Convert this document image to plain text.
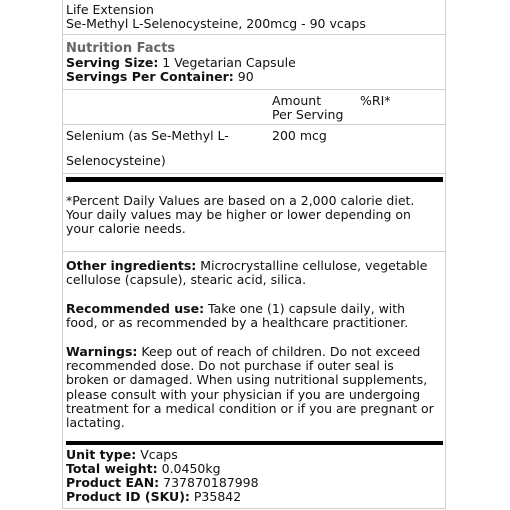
Life Extension
Se-Methyl L-Selenocysteine, 200mcg - 90 vcaps
Nutrition Facts
Serving Size: 1 Vegetarian Capsule
Servings Per Container: 90
Amount
Per Serving
%RI*
Selenium (as Se-Methyl L-
Selenocysteine)
200 mcg
*Percent Daily Values are based on a 2,000 calorie diet. Your daily values may be higher or lower depending on your calorie needs.
Other ingredients: Microcrystalline cellulose, vegetable cellulose (capsule), stearic acid, silica.
Recommended use: Take one (1) capsule daily, with food, or as recommended by a healthcare practitioner.
Warnings: Keep out of reach of children. Do not exceed recommended dose. Do not purchase if outer seal is broken or damaged. When using nutritional supplements, please consult with your physician if you are undergoing treatment for a medical condition or if you are pregnant or lactating.
Unit type: Vcaps
Total weight: 0.0450kg
Product EAN: 737870187998
Product ID (SKU): P35842
